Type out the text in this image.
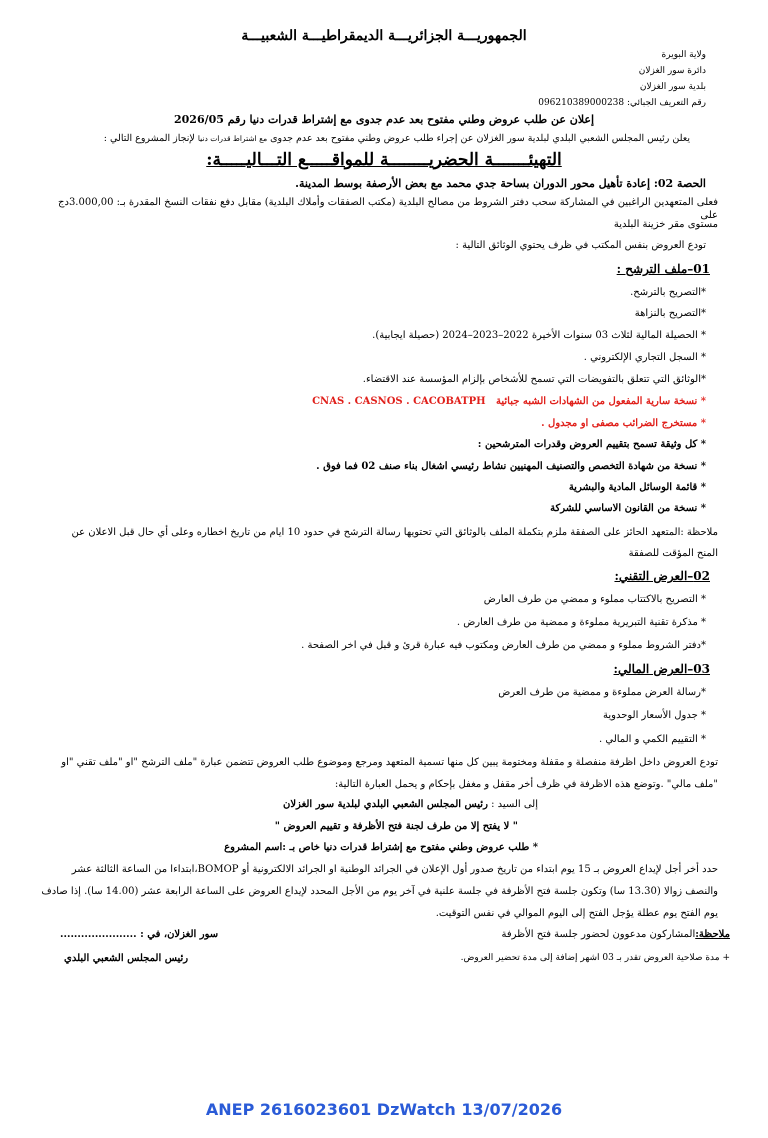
الجمهوريـــة الجزائريـــة الديمقراطيـــة الشعبيـــة
ولاية البويرة
دائرة سور الغزلان
بلدية سور الغزلان
رقم التعريف الجبائي: 096210389000238
إعلان عن طلب عروض وطني مفتوح بعد عدم جدوى مع إشتراط قدرات دنيا رقم 2026/05
يعلن رئيس المجلس الشعبي البلدي لبلدية سور الغزلان عن إجراء طلب عروض وطني مفتوح بعد عدم جدوى مع اشتراط قدرات دنيا لإنجاز المشروع التالي :
التهيئـــــــة الحضريــــــــة للمواقـــــع التـــاليـــــة:
الحصة 02: إعادة تأهيل محور الدوران بساحة جدي محمد مع بعض الأرصفة بوسط المدينة.
فعلى المتعهدين الراغبين في المشاركة سحب دفتر الشروط من مصالح البلدية (مكتب الصفقات وأملاك البلدية) مقابل دفع نفقات النسخ المقدرة بـ: 3.000,00دج على
مستوى مقر خزينة البلدية
تودع العروض بنفس المكتب في ظرف يحتوي الوثائق التالية :
01–ملف الترشح :
*التصريح بالترشح.
*التصريح بالنزاهة
* الحصيلة المالية لثلاث 03 سنوات الأخيرة 2022–2023–2024 (حصيلة ايجابية).
* السجل التجاري الإلكتروني .
*الوثائق التي تتعلق بالتفويضات التي تسمح للأشخاص بإلزام المؤسسة عند الاقتضاء.
* نسخة سارية المفعول من الشهادات الشبه جبائية   CNAS . CASNOS . CACOBATPH
* مستخرج الضرائب مصفى او مجدول .
* كل وثيقة تسمح بتقييم العروض وقدرات المترشحين :
* نسخة من شهادة التخصص والتصنيف المهنيين نشاط رئيسي اشغال بناء صنف 02 فما فوق .
* قائمة الوسائل المادية والبشرية
* نسخة من القانون الاساسي للشركة
ملاحظة :المتعهد الحائز على الصفقة ملزم بتكملة الملف بالوثائق التي تحتويها رسالة الترشح في حدود 10 ايام من تاريخ اخطاره وعلى أي حال قبل الاعلان عن
المنح المؤقت للصفقة
02–العرض التقني:
* التصريح بالاكتتاب مملوء و ممضي من طرف العارض
* مذكرة تقنية التبريرية مملوءة و ممضية من طرف العارض .
*دفتر الشروط مملوء و ممضي من طرف العارض ومكتوب فيه عبارة قرئ و قبل في اخر الصفحة .
03–العرض المالي:
*رسالة العرض مملوءة و ممضية من طرف العرض
* جدول الأسعار الوحدوية
* التقييم الكمي و المالي .
تودع العروض داخل اظرفة منفصلة و مقفلة ومختومة يبين كل منها تسمية المتعهد ومرجع وموضوع طلب العروض تتضمن عبارة "ملف الترشح "او "ملف تقني "او
"ملف مالي" .وتوضع هذه الاظرفة في ظرف أخر مقفل و مغفل بإحكام و يحمل العبارة التالية:
إلى السيد : رئيس المجلس الشعبي البلدي لبلدية سور الغزلان
" لا يفتح إلا من طرف لجنة فتح الأظرفة و تقييم العروض "
* طلب عروض وطني مفتوح مع إشتراط قدرات دنيا خاص بـ :اسم المشروع
حدد أخر أجل لإيداع العروض بـ 15 يوم ابتداء من تاريخ صدور أول الإعلان في الجرائد الوطنية او الجرائد الالكترونية أو BOMOP،ابتداءا من الساعة الثالثة عشر
والنصف زوالا (13.30 سا) وتكون جلسة فتح الأظرفة في جلسة علنية في آخر يوم من الأجل المحدد لإيداع العروض على الساعة الرابعة عشر (14.00 سا). إذا صادف
يوم الفتح يوم عطلة يؤجل الفتح إلى اليوم الموالي في نفس التوقيت.
ملاحظة:المشاركون مدعوون لحضور جلسة فتح الأظرفة
سور الغزلان، في : ......................
+ مدة صلاحية العروض تقدر بـ 03 اشهر إضافة إلى مدة تحضير العروض.
رئيس المجلس الشعبي البلدي
ANEP 2616023601 DzWatch 13/07/2026
